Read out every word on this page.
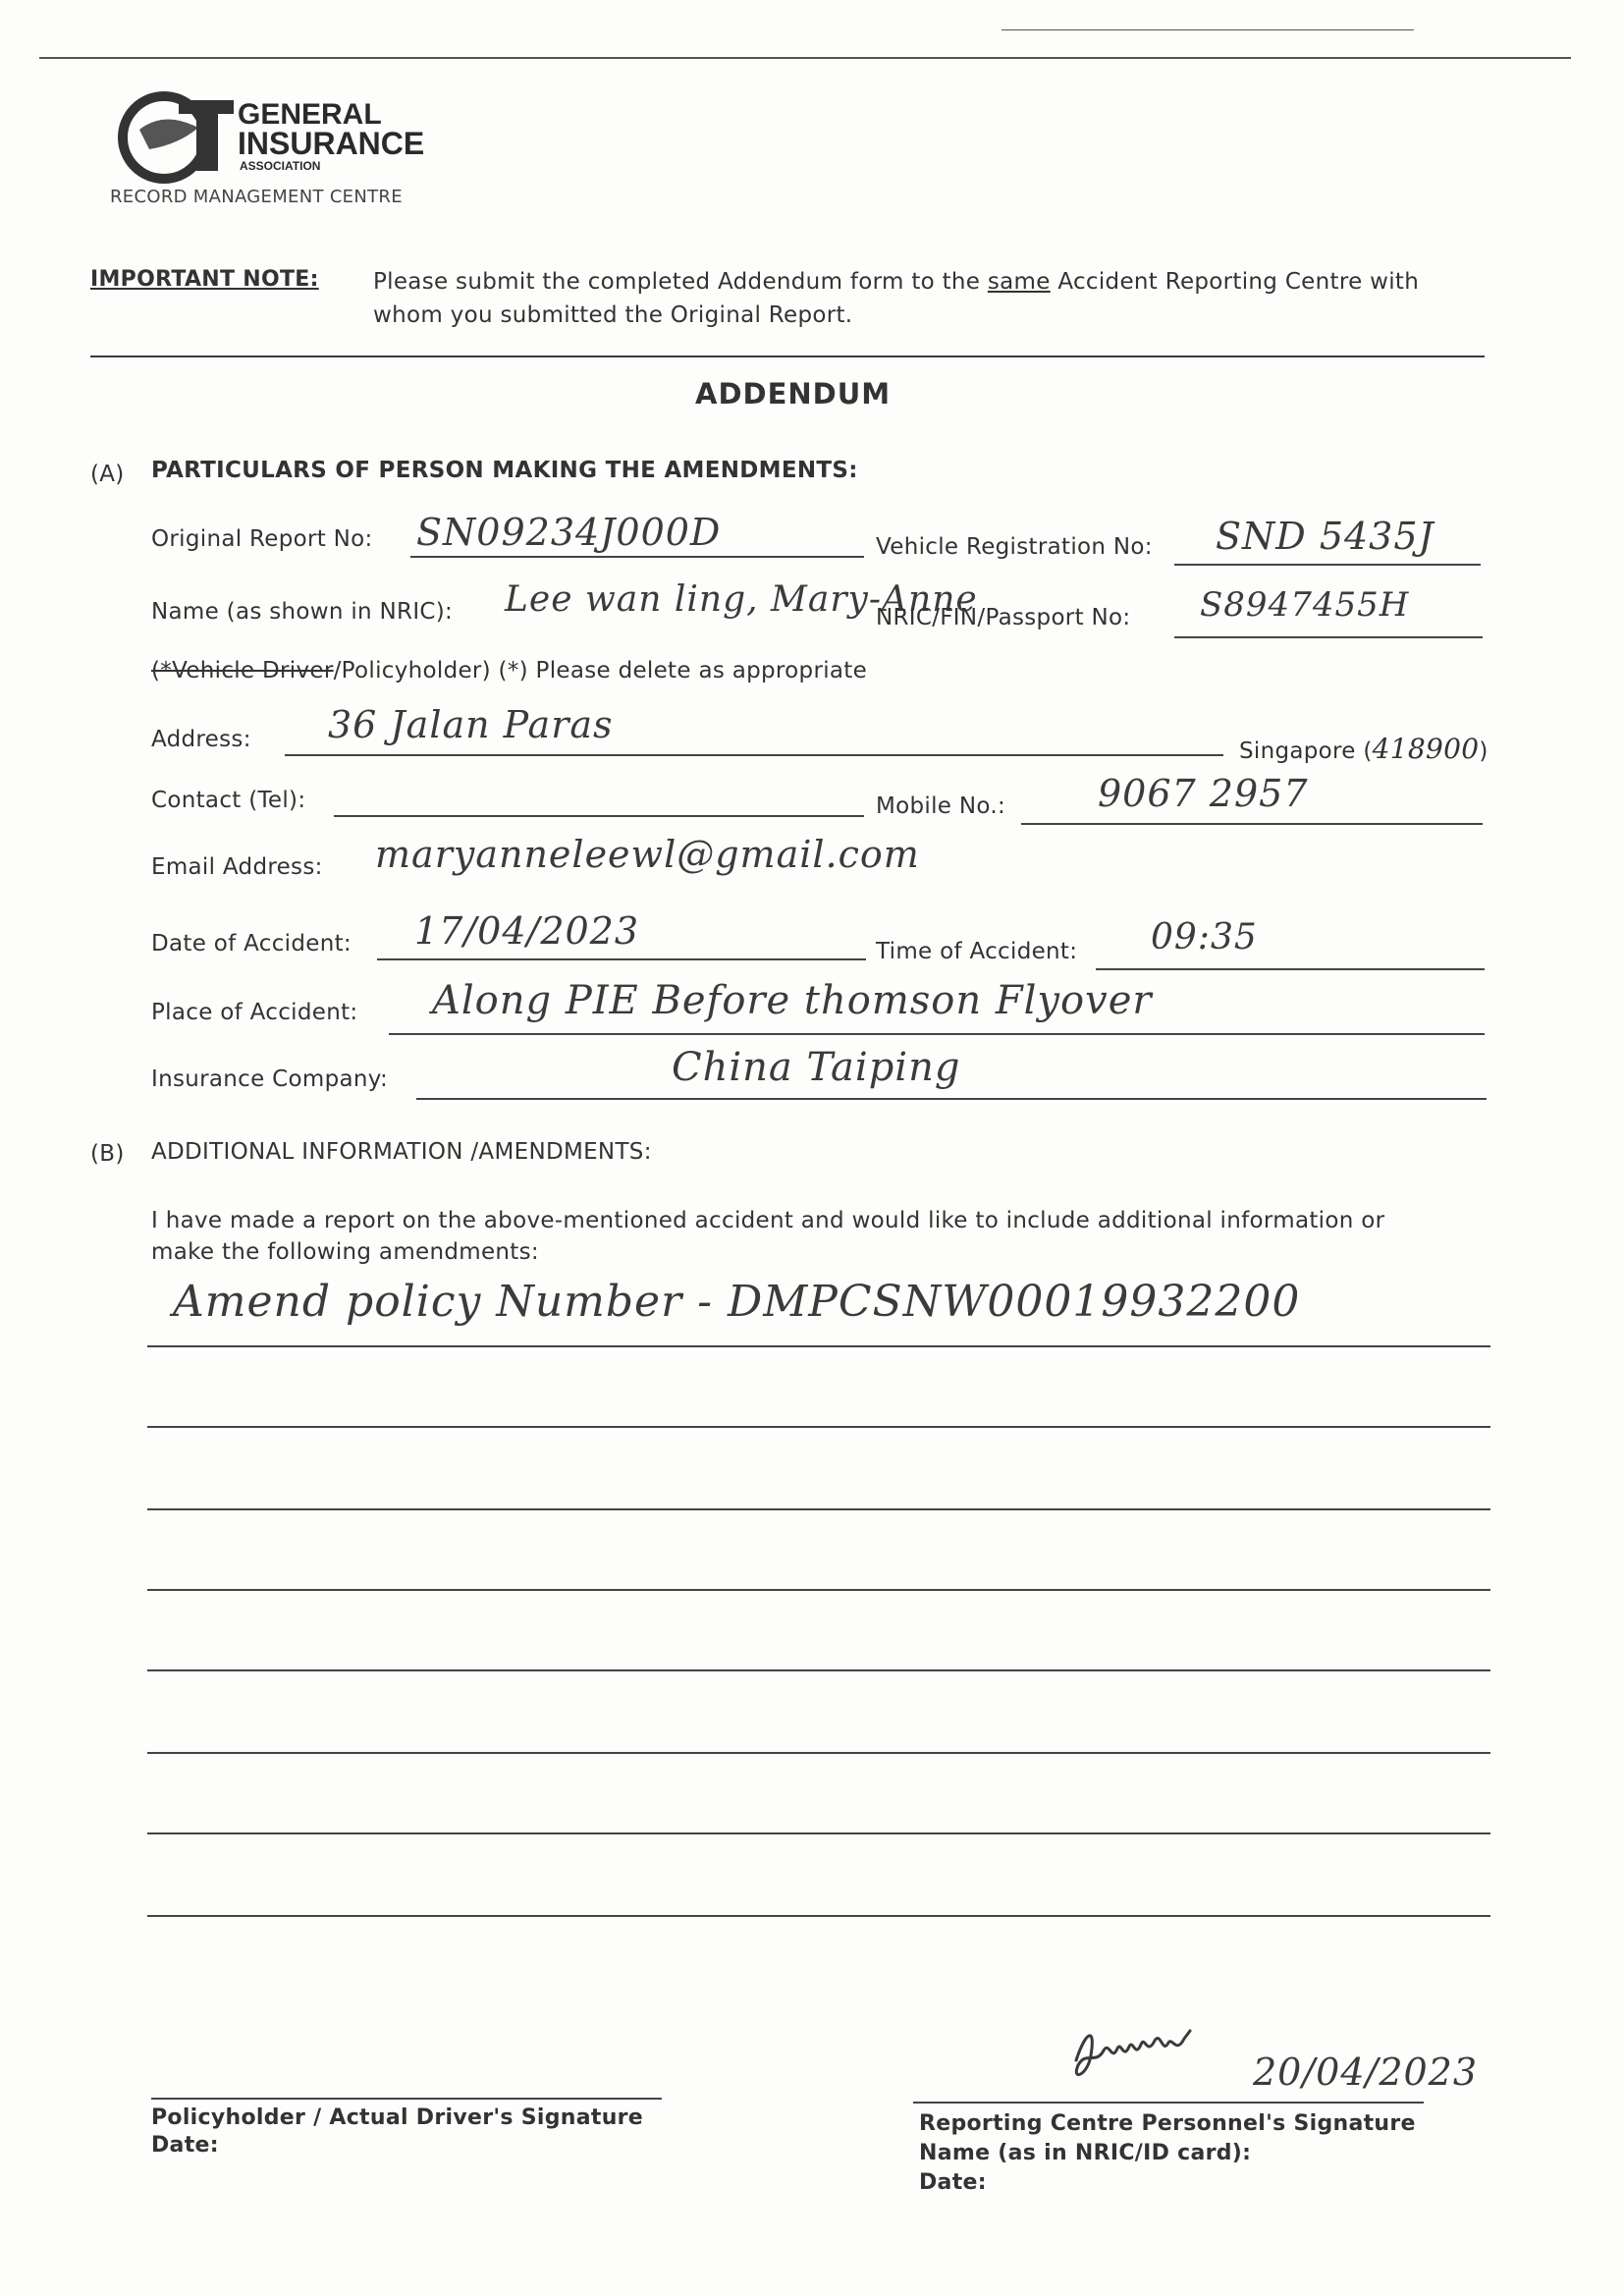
GENERAL
INSURANCE
ASSOCIATION
RECORD MANAGEMENT CENTRE
IMPORTANT NOTE: Please submit the completed Addendum form to the same Accident Reporting Centre with
whom you submitted the Original Report.
ADDENDUM
(A) PARTICULARS OF PERSON MAKING THE AMENDMENTS:
Original Report No: SN09234J000D	Vehicle Registration No: SND 5435J
Name (as shown in NRIC): Lee wan ling, Mary-Anne
NRIC/FIN/Passport No: S8947455H
(*Vehicle Driver/Policyholder) (*) Please delete as appropriate
Address: 36 Jalan Paras
Singapore (418900)
Contact (Tel):	Mobile No.: 9067 2957
Email Address: maryanneleewl@gmail.com
Date of Accident: 17/04/2023	Time of Accident: 09:35
Place of Accident: Along PIE Before thomson Flyover
Insurance Company:	China Taiping
(B) ADDITIONAL INFORMATION /AMENDMENTS:
I have made a report on the above-mentioned accident and would like to include additional information or
make the following amendments:
Amend policy Number - DMPCSNW00019932200
Policyholder / Actual Driver's Signature
Date:
20/04/2023
Reporting Centre Personnel's Signature
Name (as in NRIC/ID card):
Date:
